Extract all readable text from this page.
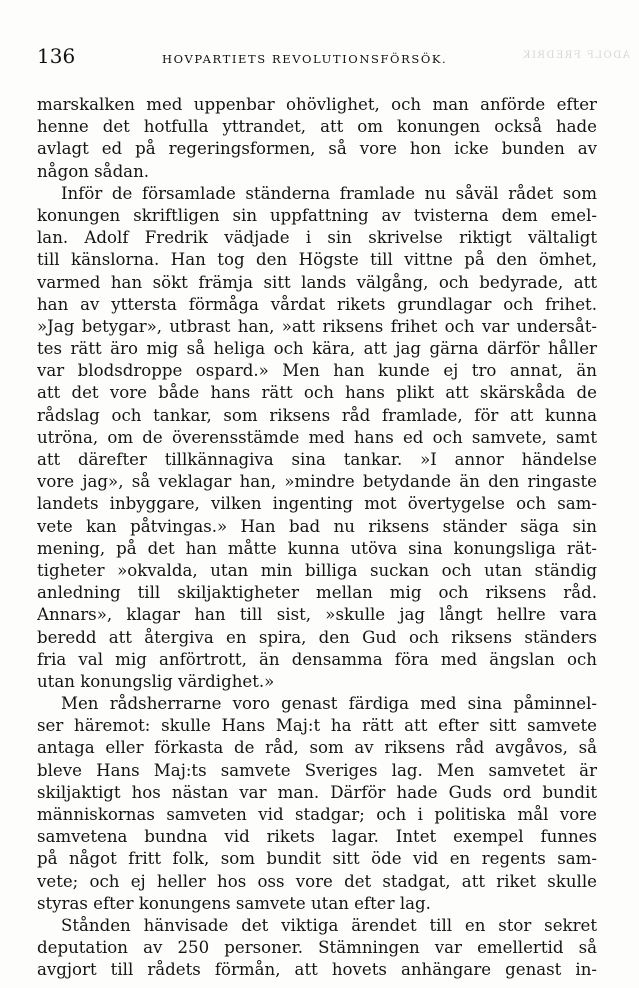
ADOLF FREDRIK
136	HOVPARTIETS REVOLUTIONSFÖRSÖK.
marskalken med uppenbar ohövlighet, och man anförde efter
henne det hotfulla yttrandet, att om konungen också hade
avlagt ed på regeringsformen, så vore hon icke bunden av
någon sådan.
Inför de församlade ständerna framlade nu såväl rådet som
konungen skriftligen sin uppfattning av tvisterna dem emel-
lan. Adolf Fredrik vädjade i sin skrivelse riktigt vältaligt
till känslorna. Han tog den Högste till vittne på den ömhet,
varmed han sökt främja sitt lands välgång, och bedyrade, att
han av yttersta förmåga vårdat rikets grundlagar och frihet.
»Jag betygar», utbrast han, »att riksens frihet och var undersåt-
tes rätt äro mig så heliga och kära, att jag gärna därför håller
var blodsdroppe ospard.» Men han kunde ej tro annat, än
att det vore både hans rätt och hans plikt att skärskåda de
rådslag och tankar, som riksens råd framlade, för att kunna
utröna, om de överensstämde med hans ed och samvete, samt
att därefter tillkännagiva sina tankar. »I annor händelse
vore jag», så veklagar han, »mindre betydande än den ringaste
landets inbyggare, vilken ingenting mot övertygelse och sam-
vete kan påtvingas.» Han bad nu riksens ständer säga sin
mening, på det han måtte kunna utöva sina konungsliga rät-
tigheter »okvalda, utan min billiga suckan och utan ständig
anledning till skiljaktigheter mellan mig och riksens råd.
Annars», klagar han till sist, »skulle jag långt hellre vara
beredd att återgiva en spira, den Gud och riksens ständers
fria val mig anförtrott, än densamma föra med ängslan och
utan konungslig värdighet.»
Men rådsherrarne voro genast färdiga med sina påminnel-
ser häremot: skulle Hans Maj:t ha rätt att efter sitt samvete
antaga eller förkasta de råd, som av riksens råd avgåvos, så
bleve Hans Maj:ts samvete Sveriges lag. Men samvetet är
skiljaktigt hos nästan var man. Därför hade Guds ord bundit
människornas samveten vid stadgar; och i politiska mål vore
samvetena bundna vid rikets lagar. Intet exempel funnes
på något fritt folk, som bundit sitt öde vid en regents sam-
vete; och ej heller hos oss vore det stadgat, att riket skulle
styras efter konungens samvete utan efter lag.
Stånden hänvisade det viktiga ärendet till en stor sekret
deputation av 250 personer. Stämningen var emellertid så
avgjort till rådets förmån, att hovets anhängare genast in-
